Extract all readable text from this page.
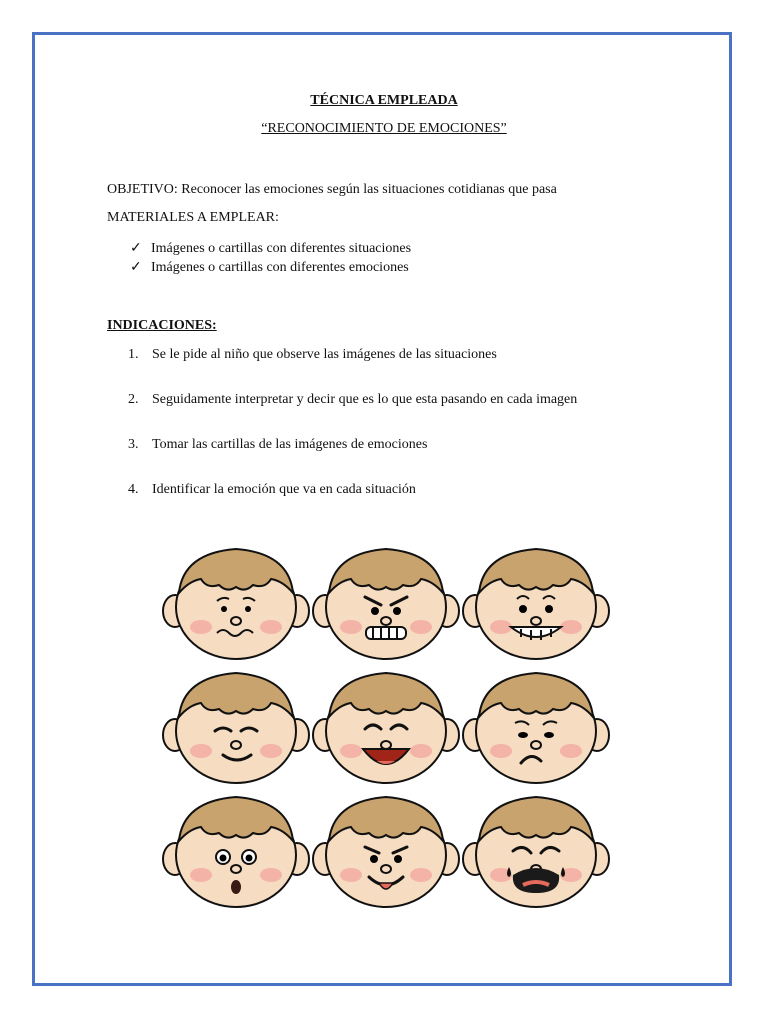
TÉCNICA EMPLEADA
“RECONOCIMIENTO DE EMOCIONES”
OBJETIVO: Reconocer las emociones según las situaciones cotidianas que pasa
MATERIALES A EMPLEAR:
✓ Imágenes o cartillas con diferentes situaciones
✓ Imágenes o cartillas con diferentes emociones
INDICACIONES:
1. Se le pide al niño que observe las imágenes de las situaciones
2. Seguidamente interpretar y decir que es lo que esta pasando en cada imagen
3. Tomar las cartillas de las imágenes de emociones
4. Identificar la emoción que va en cada situación
